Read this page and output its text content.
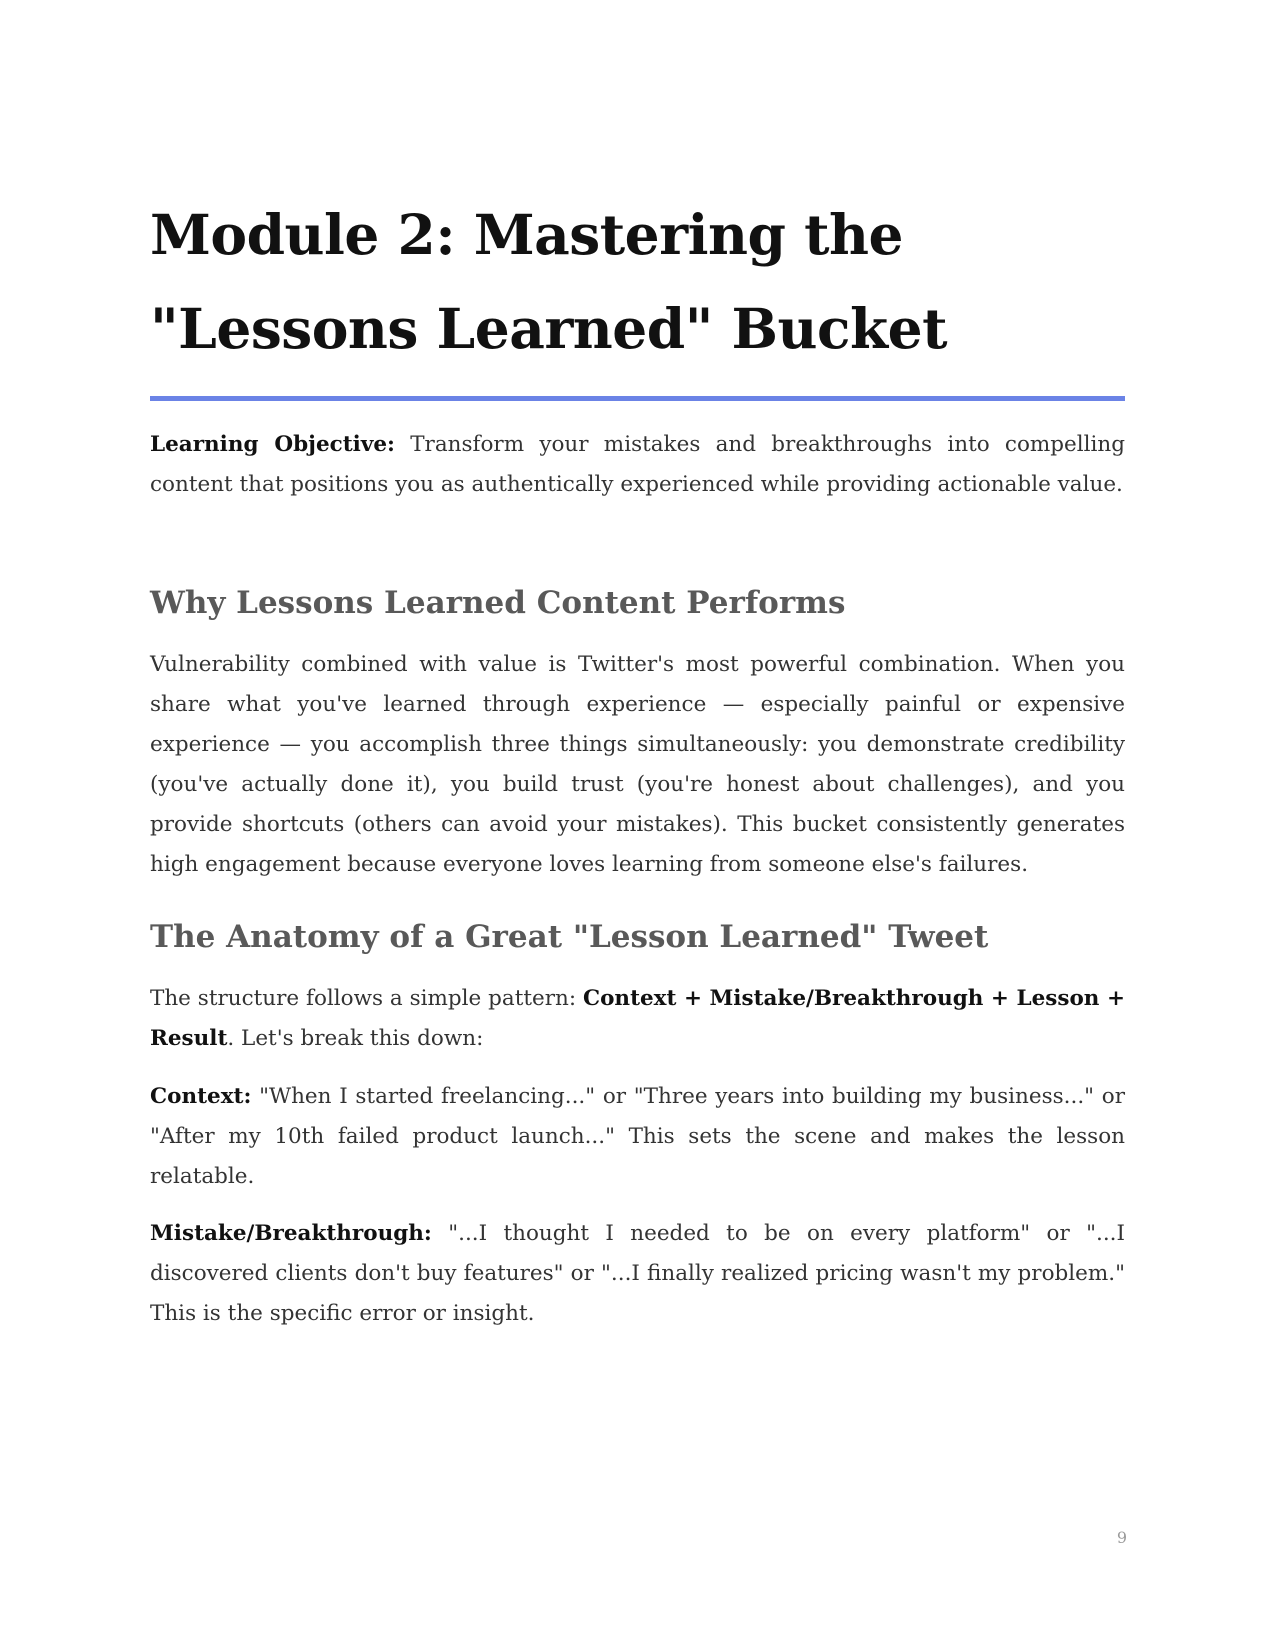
Module 2: Mastering the
"Lessons Learned" Bucket

Learning Objective: Transform your mistakes and breakthroughs into compelling content that positions you as authentically experienced while providing actionable value.

Why Lessons Learned Content Performs

Vulnerability combined with value is Twitter's most powerful combination. When you share what you've learned through experience — especially painful or expensive experience — you accomplish three things simultaneously: you demonstrate credibility (you've actually done it), you build trust (you're honest about challenges), and you provide shortcuts (others can avoid your mistakes). This bucket consistently generates high engagement because everyone loves learning from someone else's failures.

The Anatomy of a Great "Lesson Learned" Tweet

The structure follows a simple pattern: Context + Mistake/Breakthrough + Lesson + Result. Let's break this down:

Context: "When I started freelancing..." or "Three years into building my business..." or "After my 10th failed product launch..." This sets the scene and makes the lesson relatable.

Mistake/Breakthrough: "...I thought I needed to be on every platform" or "...I discovered clients don't buy features" or "...I finally realized pricing wasn't my problem." This is the specific error or insight.

9
